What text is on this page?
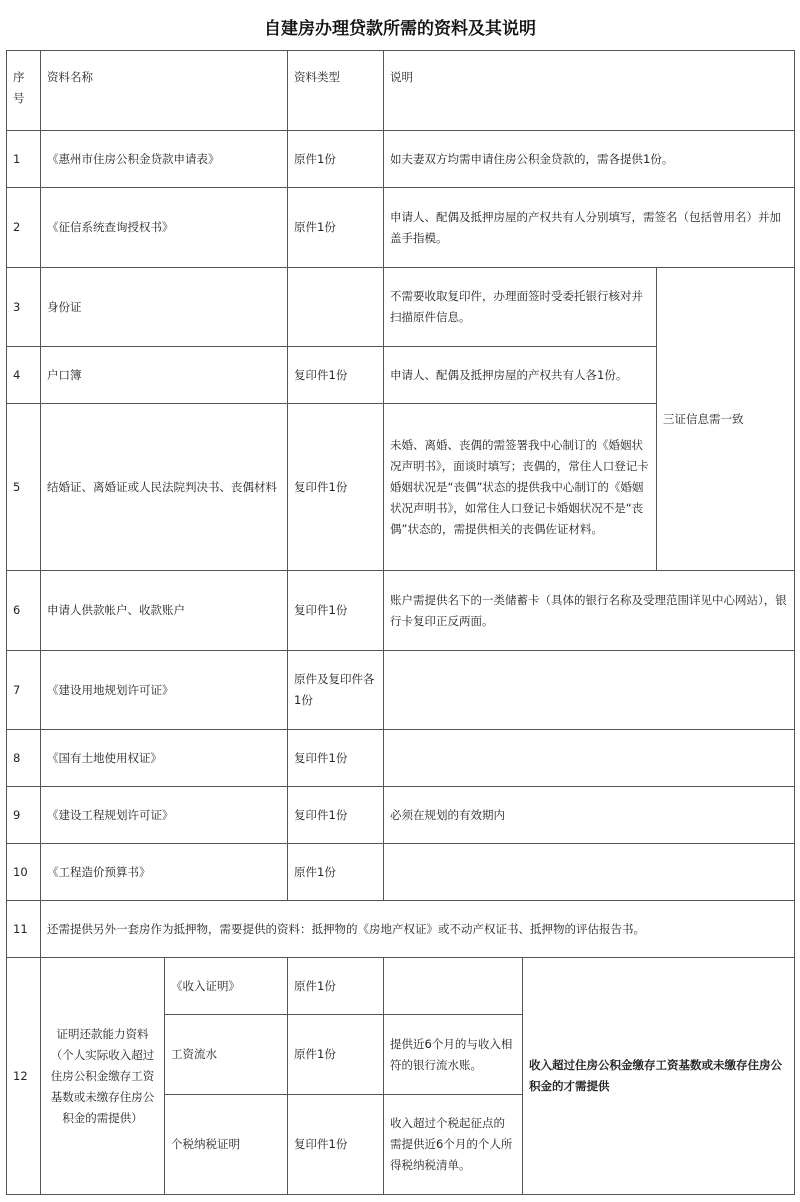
自建房办理贷款所需的资料及其说明
序号	资料名称		资料类型	说明		
1	《惠州市住房公积金贷款申请表》		原件1份	如夫妻双方均需申请住房公积金贷款的，需各提供1份。		
2	《征信系统查询授权书》		原件1份	申请人、配偶及抵押房屋的产权共有人分别填写，需签名（包括曾用名）并加盖手指模。		
3	身份证			不需要收取复印件，办理面签时受委托银行核对并扫描原件信息。		三证信息需一致
4	户口簿		复印件1份	申请人、配偶及抵押房屋的产权共有人各1份。		
5	结婚证、离婚证或人民法院判决书、丧偶材料		复印件1份	未婚、离婚、丧偶的需签署我中心制订的《婚姻状况声明书》，面谈时填写；丧偶的，常住人口登记卡婚姻状况是“丧偶”状态的提供我中心制订的《婚姻状况声明书》，如常住人口登记卡婚姻状况不是“丧偶”状态的，需提供相关的丧偶佐证材料。		
6	申请人供款帐户、收款账户		复印件1份	账户需提供名下的一类储蓄卡（具体的银行名称及受理范围详见中心网站），银行卡复印正反两面。		
7	《建设用地规划许可证》		原件及复印件各1份			
8	《国有土地使用权证》		复印件1份			
9	《建设工程规划许可证》		复印件1份	必须在规划的有效期内		
10	《工程造价预算书》		原件1份			
11	还需提供另外一套房作为抵押物，需要提供的资料：抵押物的《房地产权证》或不动产权证书、抵押物的评估报告书。					
12	证明还款能力资料（个人实际收入超过住房公积金缴存工资基数或未缴存住房公积金的需提供）	《收入证明》	原件1份		收入超过住房公积金缴存工资基数或未缴存住房公积金的才需提供	
		工资流水	原件1份	提供近6个月的与收入相符的银行流水账。		
		个税纳税证明	复印件1份	收入超过个税起征点的需提供近6个月的个人所得税纳税清单。		
